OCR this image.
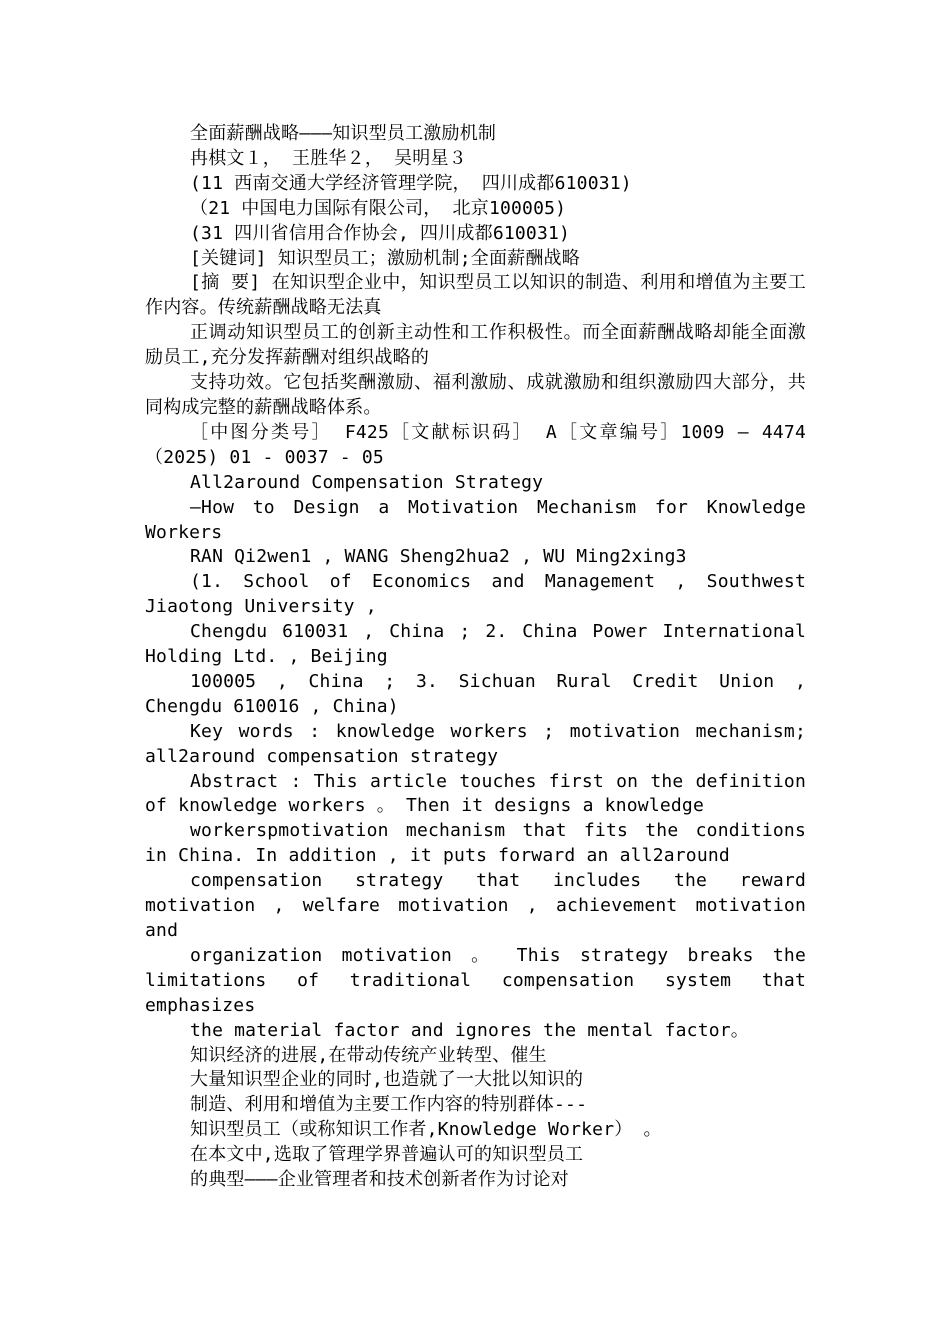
全面薪酬战略———知识型员工激励机制

冉棋文１， 王胜华２， 吴明星３

(11 西南交通大学经济管理学院， 四川成都610031)

（21 中国电力国际有限公司， 北京100005)

(31 四川省信用合作协会, 四川成都610031)

[关键词] 知识型员工；激励机制;全面薪酬战略

[摘 要] 在知识型企业中，知识型员工以知识的制造、利用和增值为主要工作内容。传统薪酬战略无法真

正调动知识型员工的创新主动性和工作积极性。而全面薪酬战略却能全面激励员工,充分发挥薪酬对组织战略的

支持功效。它包括奖酬激励、福利激励、成就激励和组织激励四大部分，共同构成完整的薪酬战略体系。

［中图分类号］ F425［文献标识码］ A［文章编号］1009 — 4474（2025) 01 - 0037 - 05

All2around Compensation Strategy

—How to Design a Motivation Mechanism for Knowledge Workers

RAN Qi2wen1 , WANG Sheng2hua2 , WU Ming2xing3

(1. School of Economics and Management , Southwest Jiaotong University ,

Chengdu 610031 , China ; 2. China Power International Holding Ltd. , Beijing

100005 , China ; 3. Sichuan Rural Credit Union , Chengdu 610016 , China)

Key words : knowledge workers ; motivation mechanism; all2around compensation strategy

Abstract : This article touches first on the definition of knowledge workers 。 Then it designs a knowledge

workerspmotivation mechanism that fits the conditions in China. In addition , it puts forward an all2around

compensation strategy that includes the reward motivation , welfare motivation , achievement motivation and

organization motivation 。 This strategy breaks the limitations of traditional compensation system that emphasizes

the material factor and ignores the mental factor。

知识经济的进展,在带动传统产业转型、催生

大量知识型企业的同时,也造就了一大批以知识的

制造、利用和增值为主要工作内容的特别群体---

知识型员工（或称知识工作者,Knowledge Worker） 。

在本文中,选取了管理学界普遍认可的知识型员工

的典型———企业管理者和技术创新者作为讨论对
